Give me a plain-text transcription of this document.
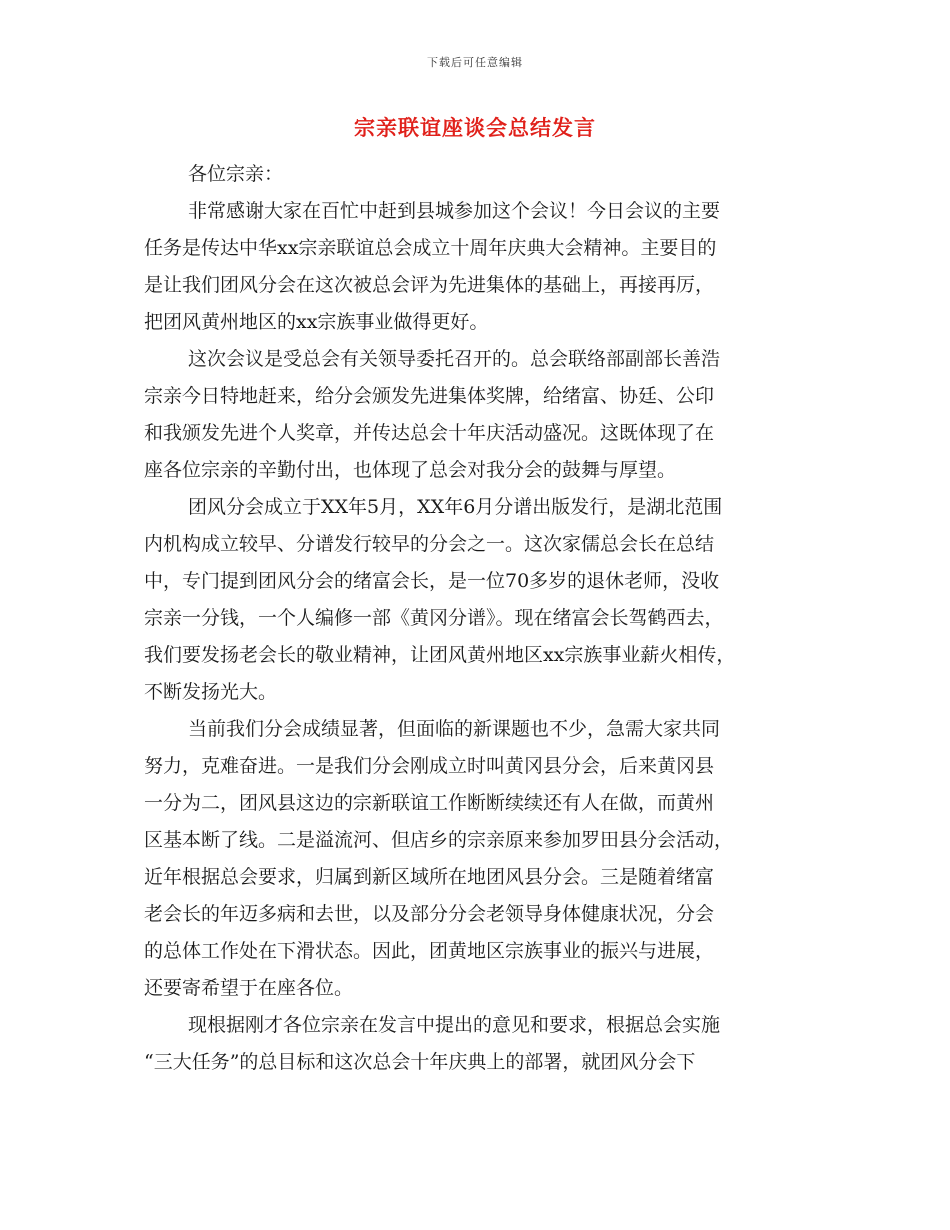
下载后可任意编辑
宗亲联谊座谈会总结发言

各位宗亲：

非常感谢大家在百忙中赶到县城参加这个会议！今日会议的主要
任务是传达中华xx宗亲联谊总会成立十周年庆典大会精神。主要目的
是让我们团风分会在这次被总会评为先进集体的基础上，再接再厉，
把团风黄州地区的xx宗族事业做得更好。

这次会议是受总会有关领导委托召开的。总会联络部副部长善浩
宗亲今日特地赶来，给分会颁发先进集体奖牌，给绪富、协廷、公印
和我颁发先进个人奖章，并传达总会十年庆活动盛况。这既体现了在
座各位宗亲的辛勤付出，也体现了总会对我分会的鼓舞与厚望。

团风分会成立于XX年5月，XX年6月分谱出版发行，是湖北范围
内机构成立较早、分谱发行较早的分会之一。这次家儒总会长在总结
中，专门提到团风分会的绪富会长，是一位70多岁的退休老师，没收
宗亲一分钱，一个人编修一部《黄冈分谱》。现在绪富会长驾鹤西去，
我们要发扬老会长的敬业精神，让团风黄州地区xx宗族事业薪火相传，
不断发扬光大。

当前我们分会成绩显著，但面临的新课题也不少，急需大家共同
努力，克难奋进。一是我们分会刚成立时叫黄冈县分会，后来黄冈县
一分为二，团风县这边的宗新联谊工作断断续续还有人在做，而黄州
区基本断了线。二是溢流河、但店乡的宗亲原来参加罗田县分会活动，
近年根据总会要求，归属到新区域所在地团风县分会。三是随着绪富
老会长的年迈多病和去世，以及部分分会老领导身体健康状况，分会
的总体工作处在下滑状态。因此，团黄地区宗族事业的振兴与进展，
还要寄希望于在座各位。

现根据刚才各位宗亲在发言中提出的意见和要求，根据总会实施
“三大任务”的总目标和这次总会十年庆典上的部署，就团风分会下
